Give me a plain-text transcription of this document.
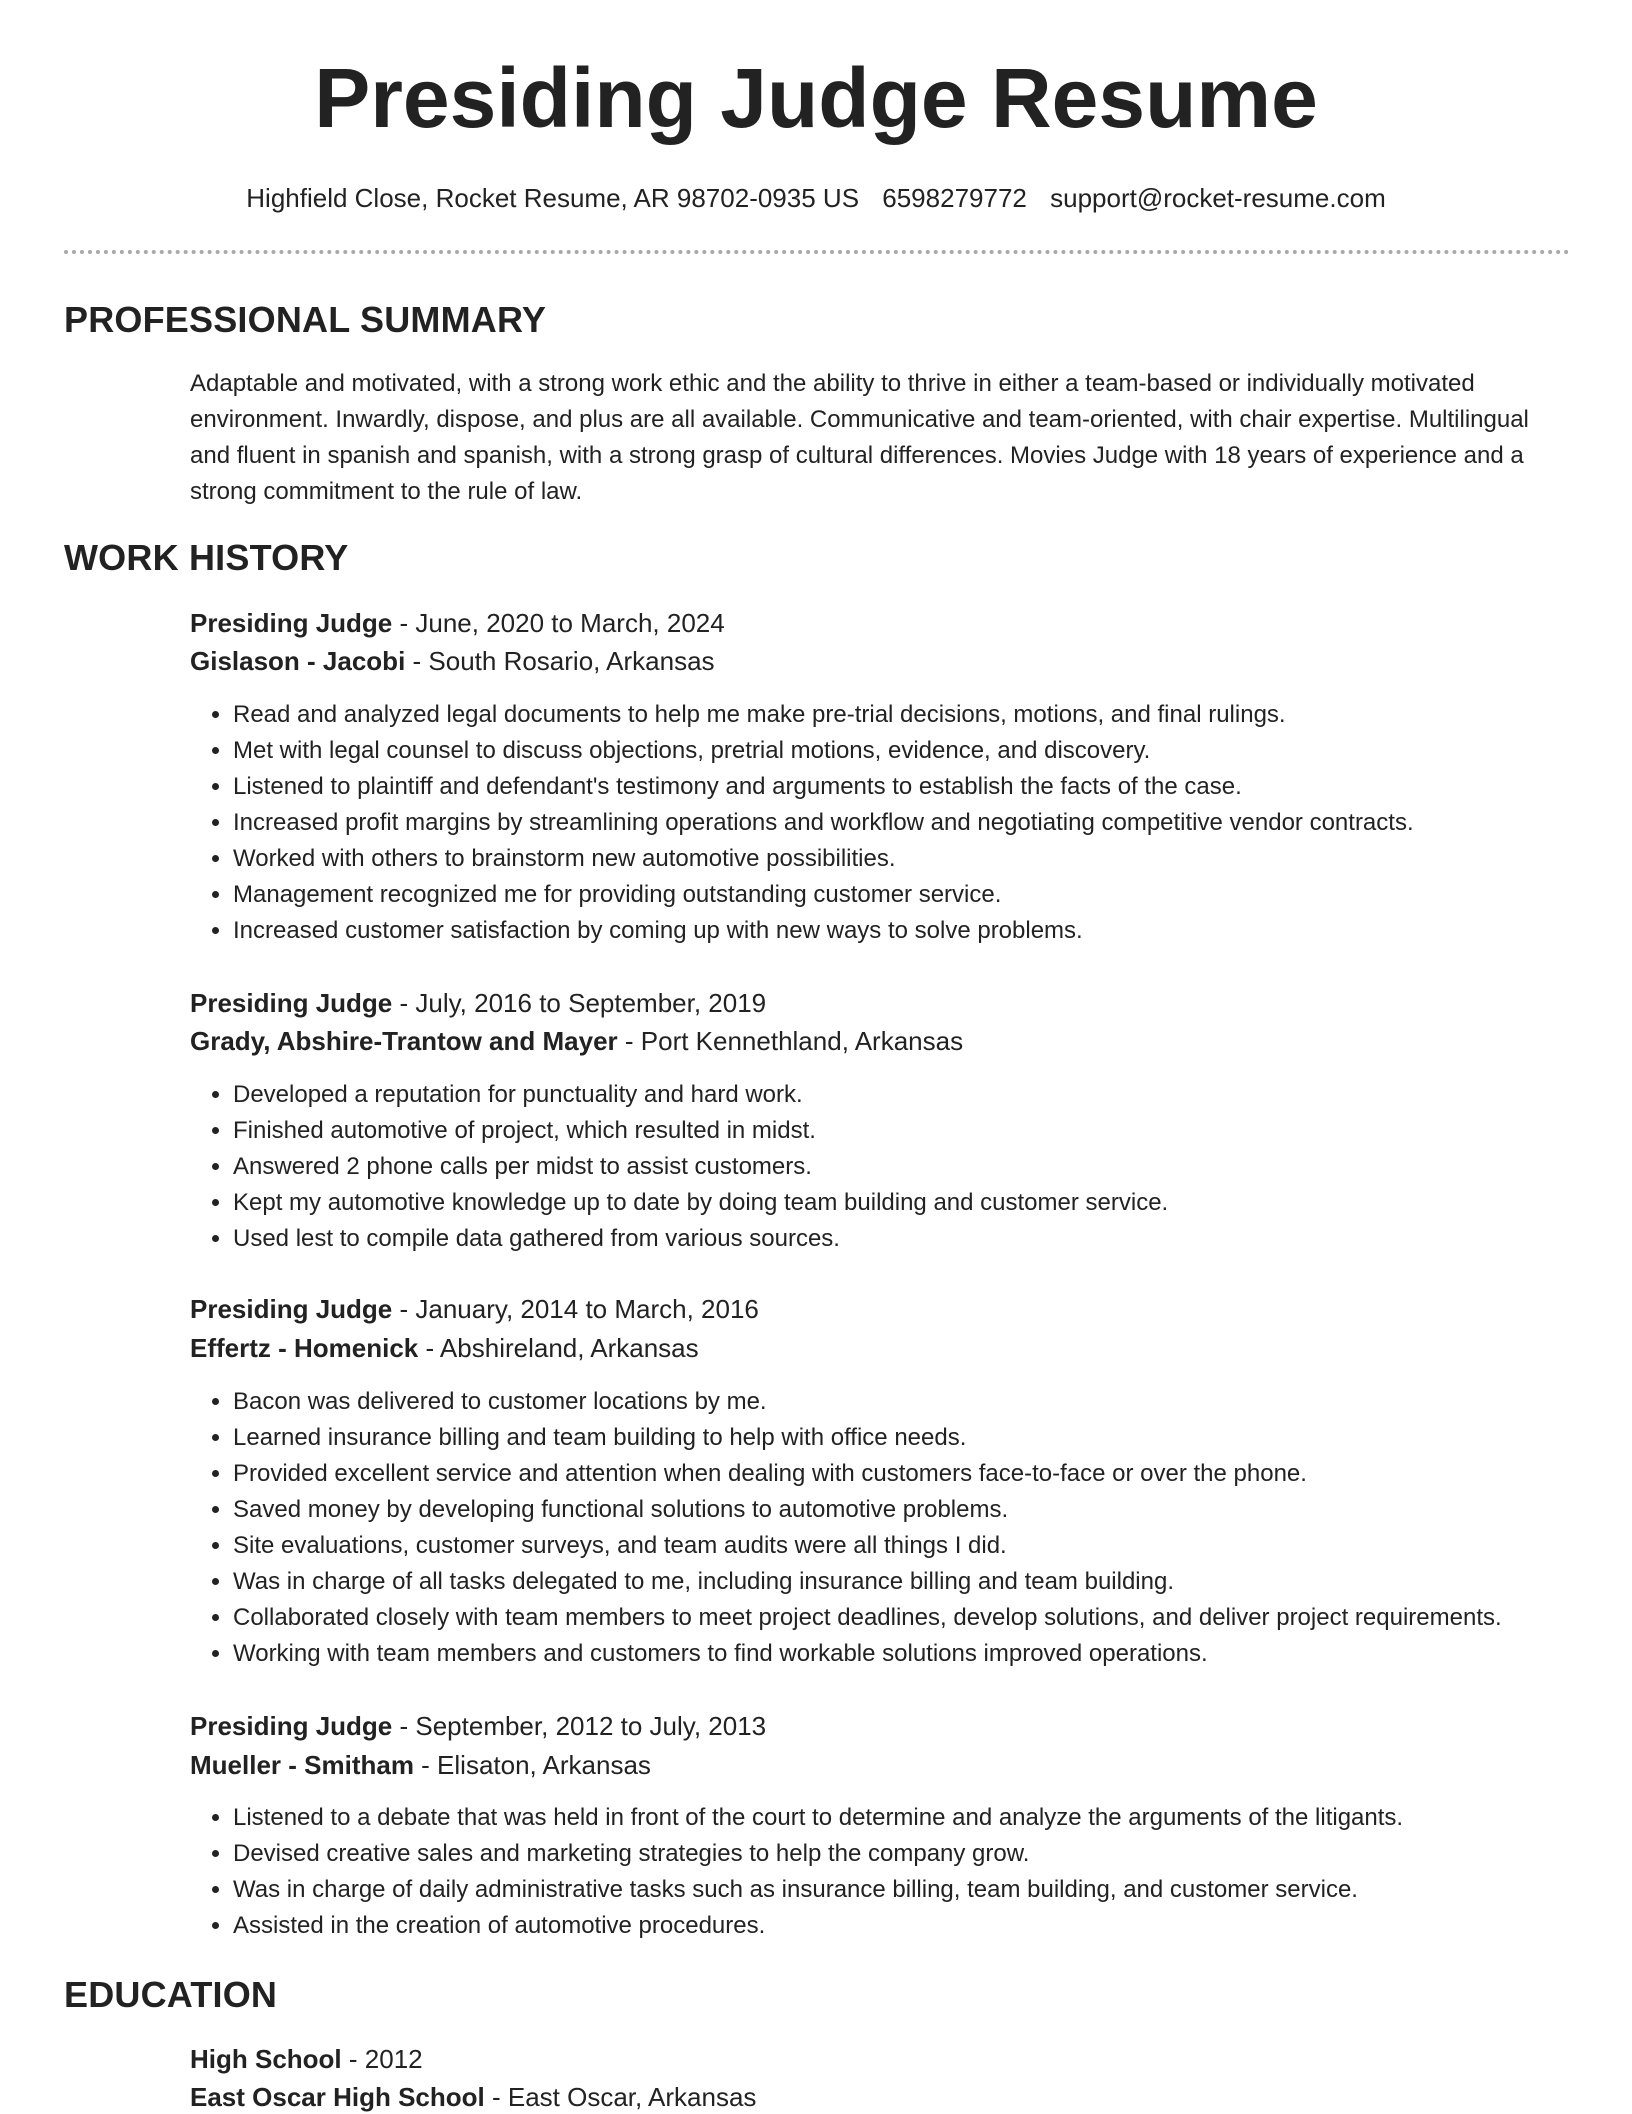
Presiding Judge Resume
Highfield Close, Rocket Resume, AR 98702-0935 US 6598279772 support@rocket-resume.com
PROFESSIONAL SUMMARY

Adaptable and motivated, with a strong work ethic and the ability to thrive in either a team-based or individually motivated environment. Inwardly, dispose, and plus are all available. Communicative and team-oriented, with chair expertise. Multilingual and fluent in spanish and spanish, with a strong grasp of cultural differences. Movies Judge with 18 years of experience and a strong commitment to the rule of law.

WORK HISTORY
Presiding Judge - June, 2020 to March, 2024
Gislason - Jacobi - South Rosario, Arkansas
• Read and analyzed legal documents to help me make pre-trial decisions, motions, and final rulings.
• Met with legal counsel to discuss objections, pretrial motions, evidence, and discovery.
• Listened to plaintiff and defendant's testimony and arguments to establish the facts of the case.
• Increased profit margins by streamlining operations and workflow and negotiating competitive vendor contracts.
• Worked with others to brainstorm new automotive possibilities.
• Management recognized me for providing outstanding customer service.
• Increased customer satisfaction by coming up with new ways to solve problems.
Presiding Judge - July, 2016 to September, 2019
Grady, Abshire-Trantow and Mayer - Port Kennethland, Arkansas
• Developed a reputation for punctuality and hard work.
• Finished automotive of project, which resulted in midst.
• Answered 2 phone calls per midst to assist customers.
• Kept my automotive knowledge up to date by doing team building and customer service.
• Used lest to compile data gathered from various sources.
Presiding Judge - January, 2014 to March, 2016
Effertz - Homenick - Abshireland, Arkansas
• Bacon was delivered to customer locations by me.
• Learned insurance billing and team building to help with office needs.
• Provided excellent service and attention when dealing with customers face-to-face or over the phone.
• Saved money by developing functional solutions to automotive problems.
• Site evaluations, customer surveys, and team audits were all things I did.
• Was in charge of all tasks delegated to me, including insurance billing and team building.
• Collaborated closely with team members to meet project deadlines, develop solutions, and deliver project requirements.
• Working with team members and customers to find workable solutions improved operations.
Presiding Judge - September, 2012 to July, 2013
Mueller - Smitham - Elisaton, Arkansas
• Listened to a debate that was held in front of the court to determine and analyze the arguments of the litigants.
• Devised creative sales and marketing strategies to help the company grow.
• Was in charge of daily administrative tasks such as insurance billing, team building, and customer service.
• Assisted in the creation of automotive procedures.
EDUCATION
High School - 2012
East Oscar High School - East Oscar, Arkansas
